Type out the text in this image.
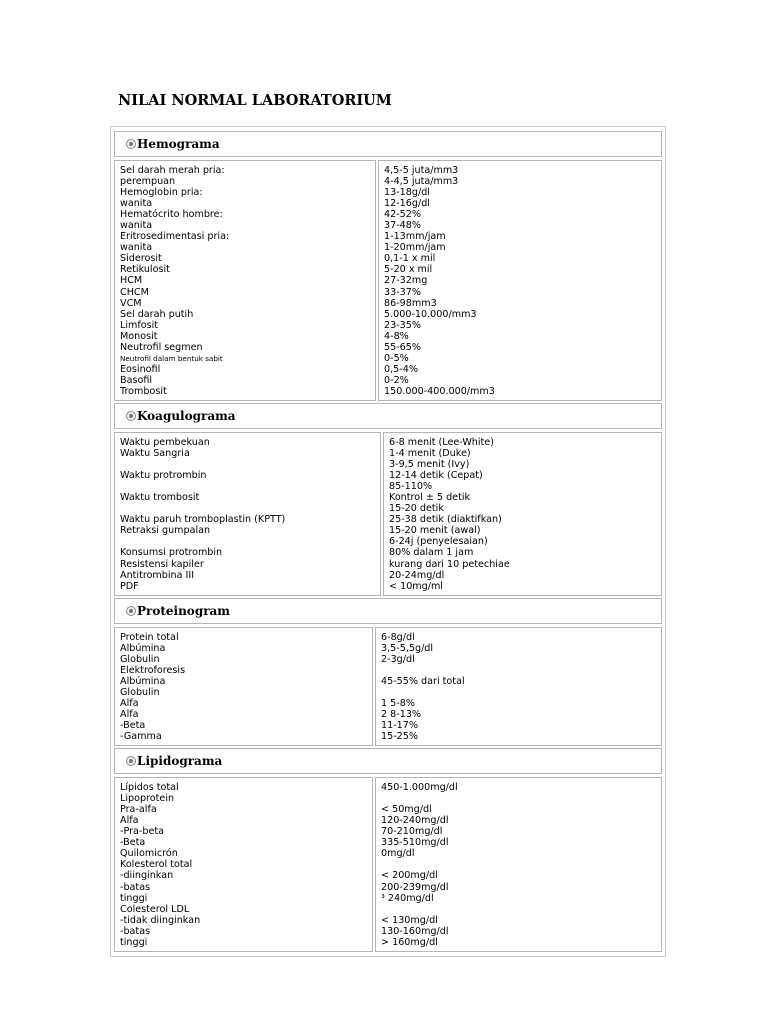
NILAI NORMAL LABORATORIUM
Hemograma
Sel darah merah pria:
perempuan
Hemoglobin pria:
wanita
Hematócrito hombre:
wanita
Eritrosedimentasi pria:
wanita
Siderosit
Retikulosit
HCM
CHCM
VCM
Sel darah putih
Limfosit
Monosit
Neutrofil segmen
Neutrofil dalam bentuk sabit
Eosinofil
Basofil
Trombosit
4,5-5 juta/mm3
4-4,5 juta/mm3
13-18g/dl
12-16g/dl
42-52%
37-48%
1-13mm/jam
1-20mm/jam
0,1-1 x mil
5-20 x mil
27-32mg
33-37%
86-98mm3
5.000-10.000/mm3
23-35%
4-8%
55-65%
0-5%
0,5-4%
0-2%
150.000-400.000/mm3
Koagulograma
Waktu pembekuan
Waktu Sangria
Waktu protrombin
Waktu trombosit
Waktu paruh tromboplastin (KPTT)
Retraksi gumpalan
Konsumsi protrombin
Resistensi kapiler
Antitrombina III
PDF
6-8 menit (Lee-White)
1-4 menit (Duke)
3-9,5 menit (Ivy)
12-14 detik (Cepat)
85-110%
Kontrol ± 5 detik
15-20 detik
25-38 detik (diaktifkan)
15-20 menit (awal)
6-24j (penyelesaian)
80% dalam 1 jam
kurang dari 10 petechiae
20-24mg/dl
< 10mg/ml
Proteinogram
Protein total
Albúmina
Globulin
Elektroforesis
Albúmina
Globulin
Alfa
Alfa
-Beta
-Gamma
6-8g/dl
3,5-5,5g/dl
2-3g/dl
45-55% dari total
1 5-8%
2 8-13%
11-17%
15-25%
Lipidograma
Lípidos total
Lipoprotein
Pra-alfa
Alfa
-Pra-beta
-Beta
Quilomicrón
Kolesterol total
-diinginkan
-batas
tinggi
Colesterol LDL
-tidak diinginkan
-batas
tinggi
450-1.000mg/dl
< 50mg/dl
120-240mg/dl
70-210mg/dl
335-510mg/dl
0mg/dl
< 200mg/dl
200-239mg/dl
³ 240mg/dl
< 130mg/dl
130-160mg/dl
> 160mg/dl
